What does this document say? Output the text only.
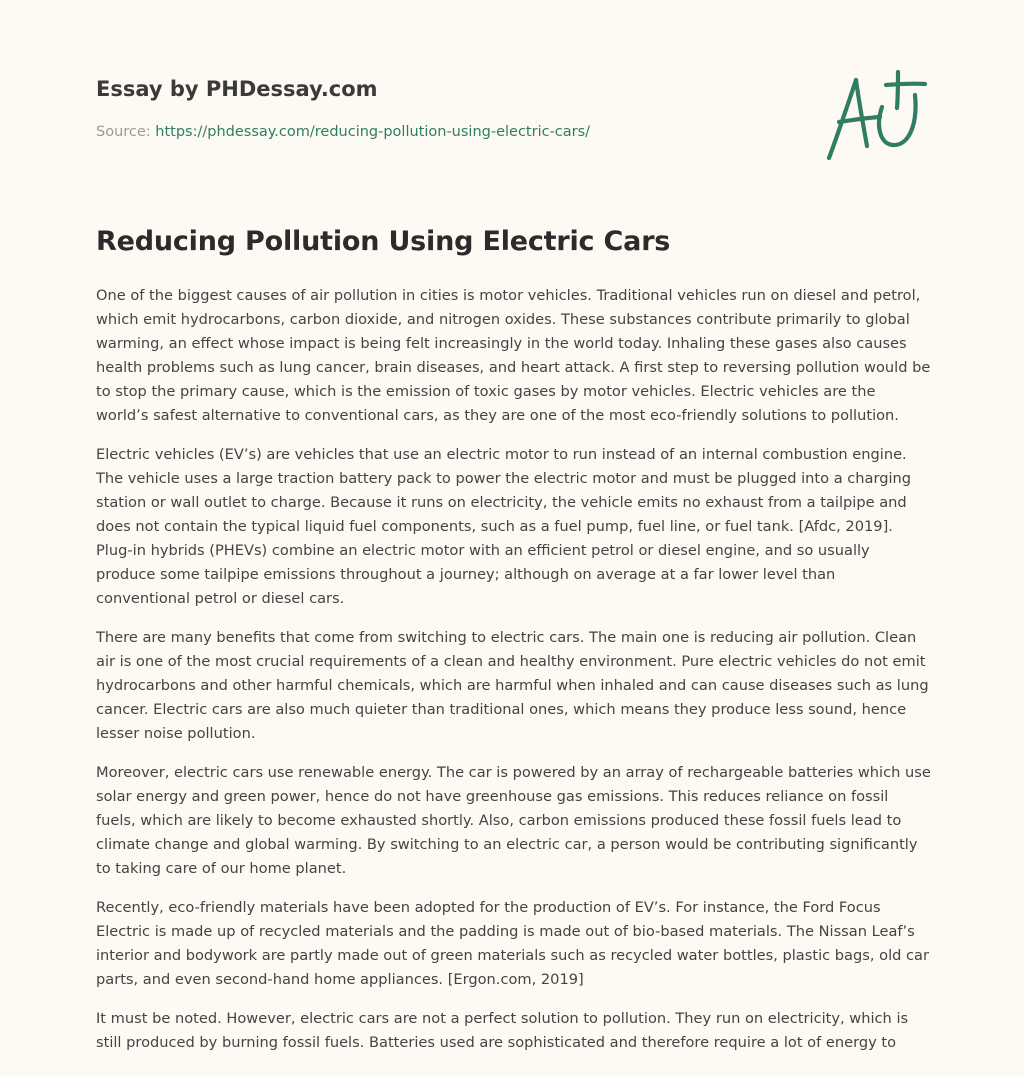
Essay by PHDessay.com
Source: https://phdessay.com/reducing-pollution-using-electric-cars/
Reducing Pollution Using Electric Cars

One of the biggest causes of air pollution in cities is motor vehicles. Traditional vehicles run on diesel and petrol, which emit hydrocarbons, carbon dioxide, and nitrogen oxides. These substances contribute primarily to global warming, an effect whose impact is being felt increasingly in the world today. Inhaling these gases also causes health problems such as lung cancer, brain diseases, and heart attack. A first step to reversing pollution would be to stop the primary cause, which is the emission of toxic gases by motor vehicles. Electric vehicles are the world’s safest alternative to conventional cars, as they are one of the most eco-friendly solutions to pollution.

Electric vehicles (EV’s) are vehicles that use an electric motor to run instead of an internal combustion engine. The vehicle uses a large traction battery pack to power the electric motor and must be plugged into a charging station or wall outlet to charge. Because it runs on electricity, the vehicle emits no exhaust from a tailpipe and does not contain the typical liquid fuel components, such as a fuel pump, fuel line, or fuel tank. [Afdc, 2019]. Plug-in hybrids (PHEVs) combine an electric motor with an efficient petrol or diesel engine, and so usually produce some tailpipe emissions throughout a journey; although on average at a far lower level than conventional petrol or diesel cars.

There are many benefits that come from switching to electric cars. The main one is reducing air pollution. Clean air is one of the most crucial requirements of a clean and healthy environment. Pure electric vehicles do not emit hydrocarbons and other harmful chemicals, which are harmful when inhaled and can cause diseases such as lung cancer. Electric cars are also much quieter than traditional ones, which means they produce less sound, hence lesser noise pollution.

Moreover, electric cars use renewable energy. The car is powered by an array of rechargeable batteries which use solar energy and green power, hence do not have greenhouse gas emissions. This reduces reliance on fossil fuels, which are likely to become exhausted shortly. Also, carbon emissions produced these fossil fuels lead to climate change and global warming. By switching to an electric car, a person would be contributing significantly to taking care of our home planet.

Recently, eco-friendly materials have been adopted for the production of EV’s. For instance, the Ford Focus Electric is made up of recycled materials and the padding is made out of bio-based materials. The Nissan Leaf’s interior and bodywork are partly made out of green materials such as recycled water bottles, plastic bags, old car parts, and even second-hand home appliances. [Ergon.com, 2019]

It must be noted. However, electric cars are not a perfect solution to pollution. They run on electricity, which is still produced by burning fossil fuels. Batteries used are sophisticated and therefore require a lot of energy to
